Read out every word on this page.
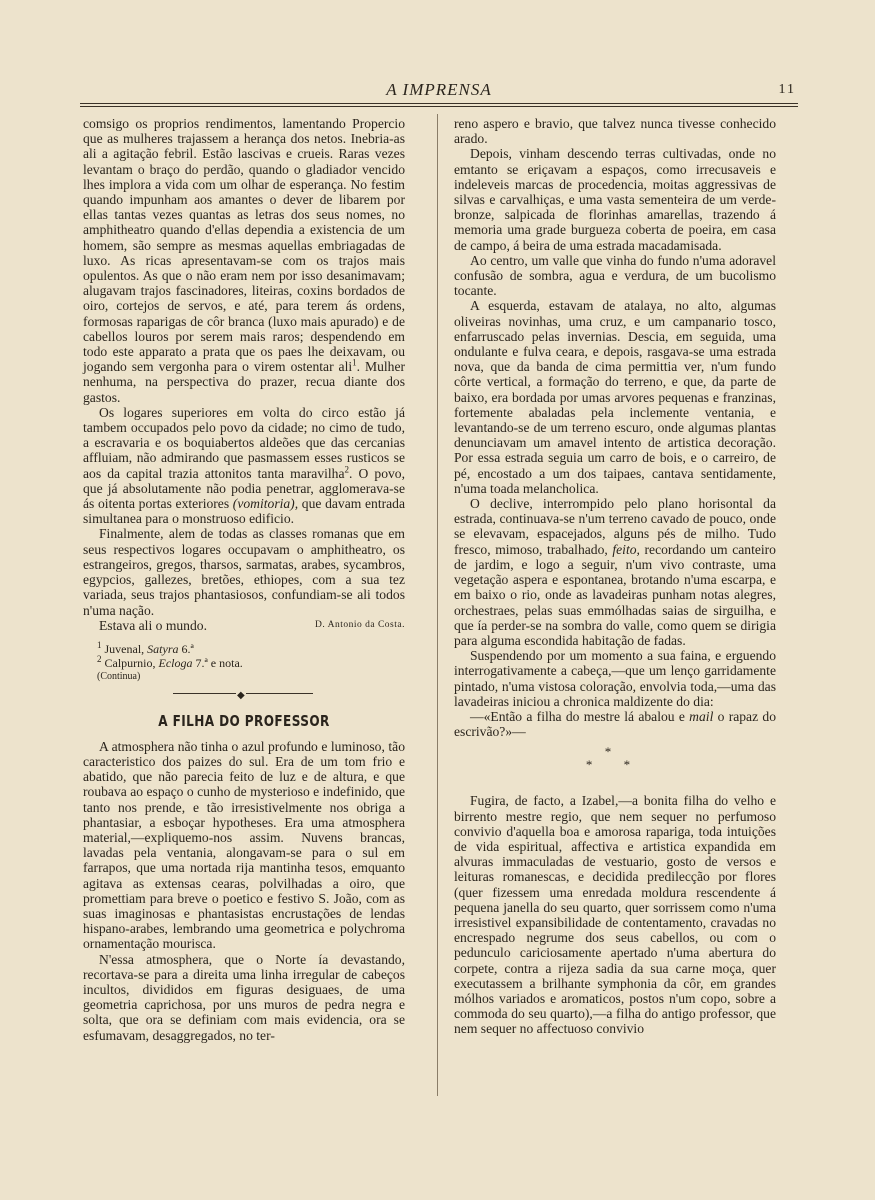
A IMPRENSA	11

comsigo os proprios rendimentos, lamentando Propercio que as mulheres trajassem a herança dos netos. Inebria-as ali a agitação febril. Estão lascivas e crueis. Raras vezes levantam o braço do perdão, quando o gladiador vencido lhes implora a vida com um olhar de esperança. No festim quando impunham aos amantes o dever de libarem por ellas tantas vezes quantas as letras dos seus nomes, no amphitheatro quando d'ellas dependia a existencia de um homem, são sempre as mesmas aquellas embriagadas de luxo. As ricas apresentavam-se com os trajos mais opulentos. As que o não eram nem por isso desanimavam; alugavam trajos fascinadores, liteiras, coxins bordados de oiro, cortejos de servos, e até, para terem ás ordens, formosas raparigas de côr branca (luxo mais apurado) e de cabellos louros por serem mais raros; despendendo em todo este apparato a prata que os paes lhe deixavam, ou jogando sem vergonha para o virem ostentar ali$^1$. Mulher nenhuma, na perspectiva do prazer, recua diante dos gastos.

Os logares superiores em volta do circo estão já tambem occupados pelo povo da cidade; no cimo de tudo, a escravaria e os boquiabertos aldeões que das cercanias affluiam, não admirando que pasmassem esses rusticos se aos da capital trazia attonitos tanta maravilha$^2$. O povo, que já absolutamente não podia penetrar, agglomerava-se ás oitenta portas exteriores (vomitoria), que davam entrada simultanea para o monstruoso edificio.

Finalmente, alem de todas as classes romanas que em seus respectivos logares occupavam o amphitheatro, os estrangeiros, gregos, tharsos, sarmatas, arabes, sycambros, egypcios, gallezes, bretões, ethiopes, com a sua tez variada, seus trajos phantasiosos, confundiam-se ali todos n'uma nação.

Estava ali o mundo.	D. Antonio da Costa.
$^1$ Juvenal, Satyra 6.ª
$^2$ Calpurnio, Ecloga 7.ª e nota.
(Continua)
◆
A FILHA DO PROFESSOR

A atmosphera não tinha o azul profundo e luminoso, tão caracteristico dos paizes do sul. Era de um tom frio e abatido, que não parecia feito de luz e de altura, e que roubava ao espaço o cunho de mysterioso e indefinido, que tanto nos prende, e tão irresistivelmente nos obriga a phantasiar, a esboçar hypotheses. Era uma atmosphera material,—expliquemo-nos assim. Nuvens brancas, lavadas pela ventania, alongavam-se para o sul em farrapos, que uma nortada rija mantinha tesos, emquanto agitava as extensas cearas, polvilhadas a oiro, que promettiam para breve o poetico e festivo S. João, com as suas imaginosas e phantasistas encrustações de lendas hispano-arabes, lembrando uma geometrica e polychroma ornamentação mourisca.

N'essa atmosphera, que o Norte ía devastando, recortava-se para a direita uma linha irregular de cabeços incultos, divididos em figuras desiguaes, de uma geometria caprichosa, por uns muros de pedra negra e solta, que ora se definiam com mais evidencia, ora se esfumavam, desaggregados, no ter-

reno aspero e bravio, que talvez nunca tivesse conhecido arado.

Depois, vinham descendo terras cultivadas, onde no emtanto se eriçavam a espaços, como irrecusaveis e indeleveis marcas de procedencia, moitas aggressivas de silvas e carvalhiças, e uma vasta sementeira de um verde-bronze, salpicada de florinhas amarellas, trazendo á memoria uma grade burgueza coberta de poeira, em casa de campo, á beira de uma estrada macadamisada.

Ao centro, um valle que vinha do fundo n'uma adoravel confusão de sombra, agua e verdura, de um bucolismo tocante.

A esquerda, estavam de atalaya, no alto, algumas oliveiras novinhas, uma cruz, e um campanario tosco, enfarruscado pelas invernias. Descia, em seguida, uma ondulante e fulva ceara, e depois, rasgava-se uma estrada nova, que da banda de cima permittia ver, n'um fundo côrte vertical, a formação do terreno, e que, da parte de baixo, era bordada por umas arvores pequenas e franzinas, fortemente abaladas pela inclemente ventania, e levantando-se de um terreno escuro, onde algumas plantas denunciavam um amavel intento de artistica decoração. Por essa estrada seguia um carro de bois, e o carreiro, de pé, encostado a um dos taipaes, cantava sentidamente, n'uma toada melancholica.

O declive, interrompido pelo plano horisontal da estrada, continuava-se n'um terreno cavado de pouco, onde se elevavam, espacejados, alguns pés de milho. Tudo fresco, mimoso, trabalhado, feito, recordando um canteiro de jardim, e logo a seguir, n'um vivo contraste, uma vegetação aspera e espontanea, brotando n'uma escarpa, e em baixo o rio, onde as lavadeiras punham notas alegres, orchestraes, pelas suas emmólhadas saias de sirguilha, e que ía perder-se na sombra do valle, como quem se dirigia para alguma escondida habitação de fadas.

Suspendendo por um momento a sua faina, e erguendo interrogativamente a cabeça,—que um lenço garridamente pintado, n'uma vistosa coloração, envolvia toda,—uma das lavadeiras iniciou a chronica maldizente do dia:

—«Então a filha do mestre lá abalou e mail o rapaz do escrivão?»—

*
* *

Fugira, de facto, a Izabel,—a bonita filha do velho e birrento mestre regio, que nem sequer no perfumoso convivio d'aquella boa e amorosa rapariga, toda intuições de vida espiritual, affectiva e artistica expandida em alvuras immaculadas de vestuario, gosto de versos e leituras romanescas, e decidida predilecção por flores (quer fizessem uma enredada moldura rescendente á pequena janella do seu quarto, quer sorrissem como n'uma irresistivel expansibilidade de contentamento, cravadas no encrespado negrume dos seus cabellos, ou com o pedunculo cariciosamente apertado n'uma abertura do corpete, contra a rijeza sadia da sua carne moça, quer executassem a brilhante symphonia da côr, em grandes mólhos variados e aromaticos, postos n'um copo, sobre a commoda do seu quarto),—a filha do antigo professor, que nem sequer no affectuoso convivio
